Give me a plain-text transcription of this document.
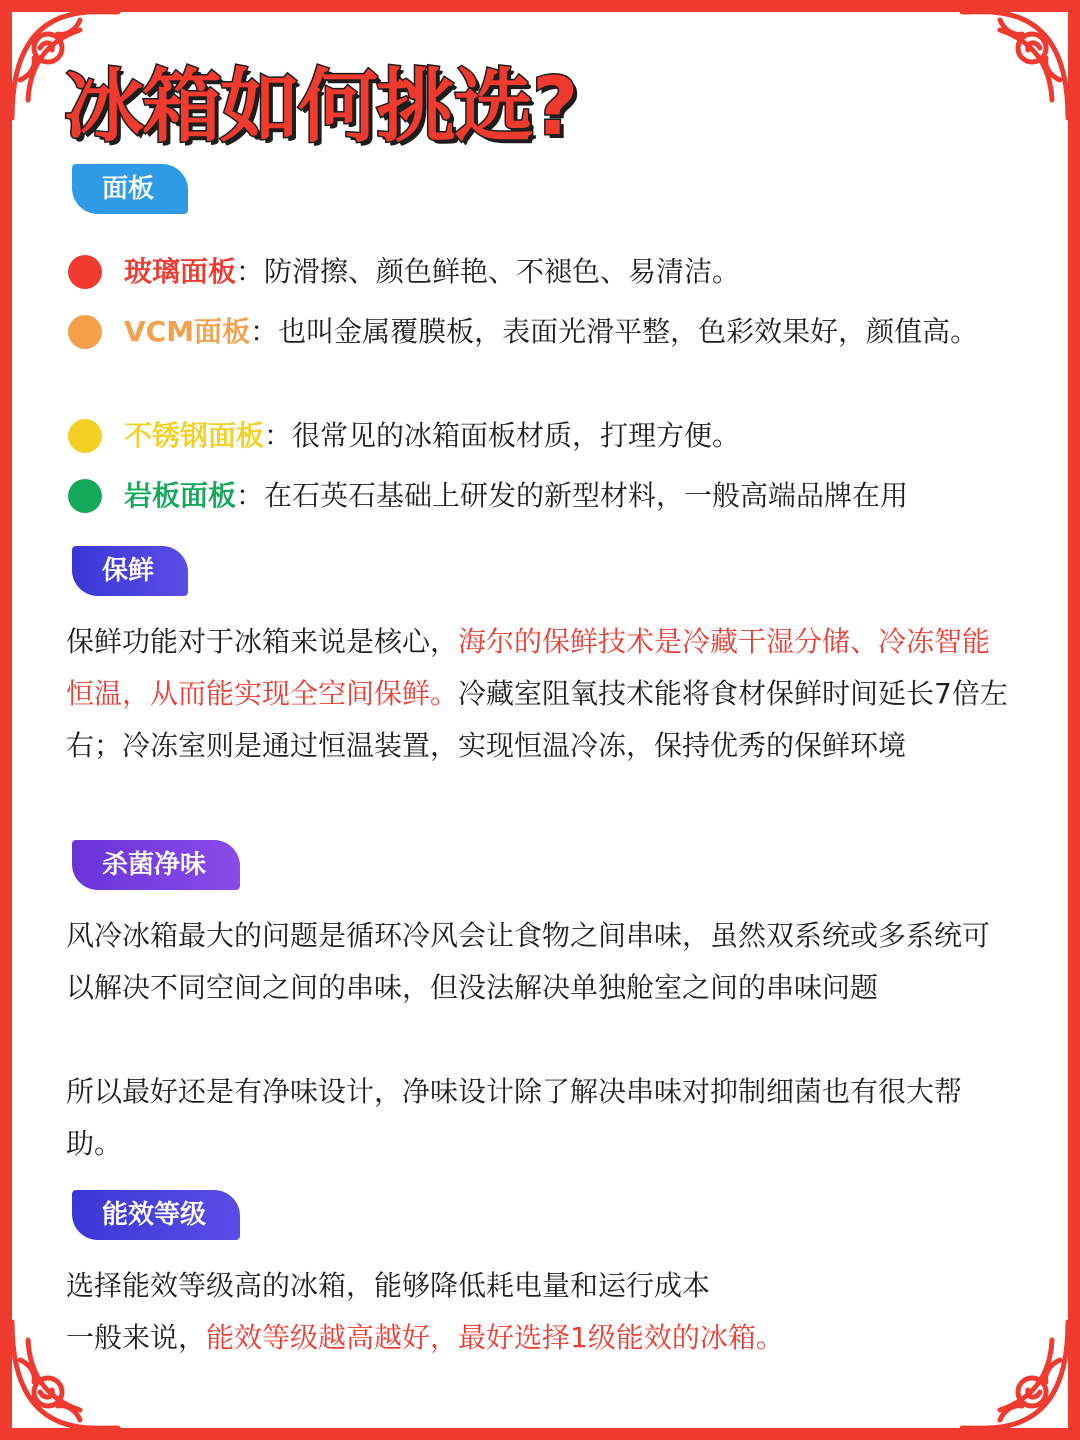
冰箱如何挑选?
面板
玻璃面板：防滑擦、颜色鲜艳、不褪色、易清洁。
VCM面板：也叫金属覆膜板，表面光滑平整，色彩效果好，颜值高。
不锈钢面板：很常见的冰箱面板材质，打理方便。
岩板面板：在石英石基础上研发的新型材料，一般高端品牌在用
保鲜
保鲜功能对于冰箱来说是核心，海尔的保鲜技术是冷藏干湿分储、冷冻智能恒温，从而能实现全空间保鲜。冷藏室阻氧技术能将食材保鲜时间延长7倍左右；冷冻室则是通过恒温装置，实现恒温冷冻，保持优秀的保鲜环境
杀菌净味
风冷冰箱最大的问题是循环冷风会让食物之间串味，虽然双系统或多系统可以解决不同空间之间的串味，但没法解决单独舱室之间的串味问题
所以最好还是有净味设计，净味设计除了解决串味对抑制细菌也有很大帮助。
能效等级
选择能效等级高的冰箱，能够降低耗电量和运行成本
一般来说，能效等级越高越好，最好选择1级能效的冰箱。
